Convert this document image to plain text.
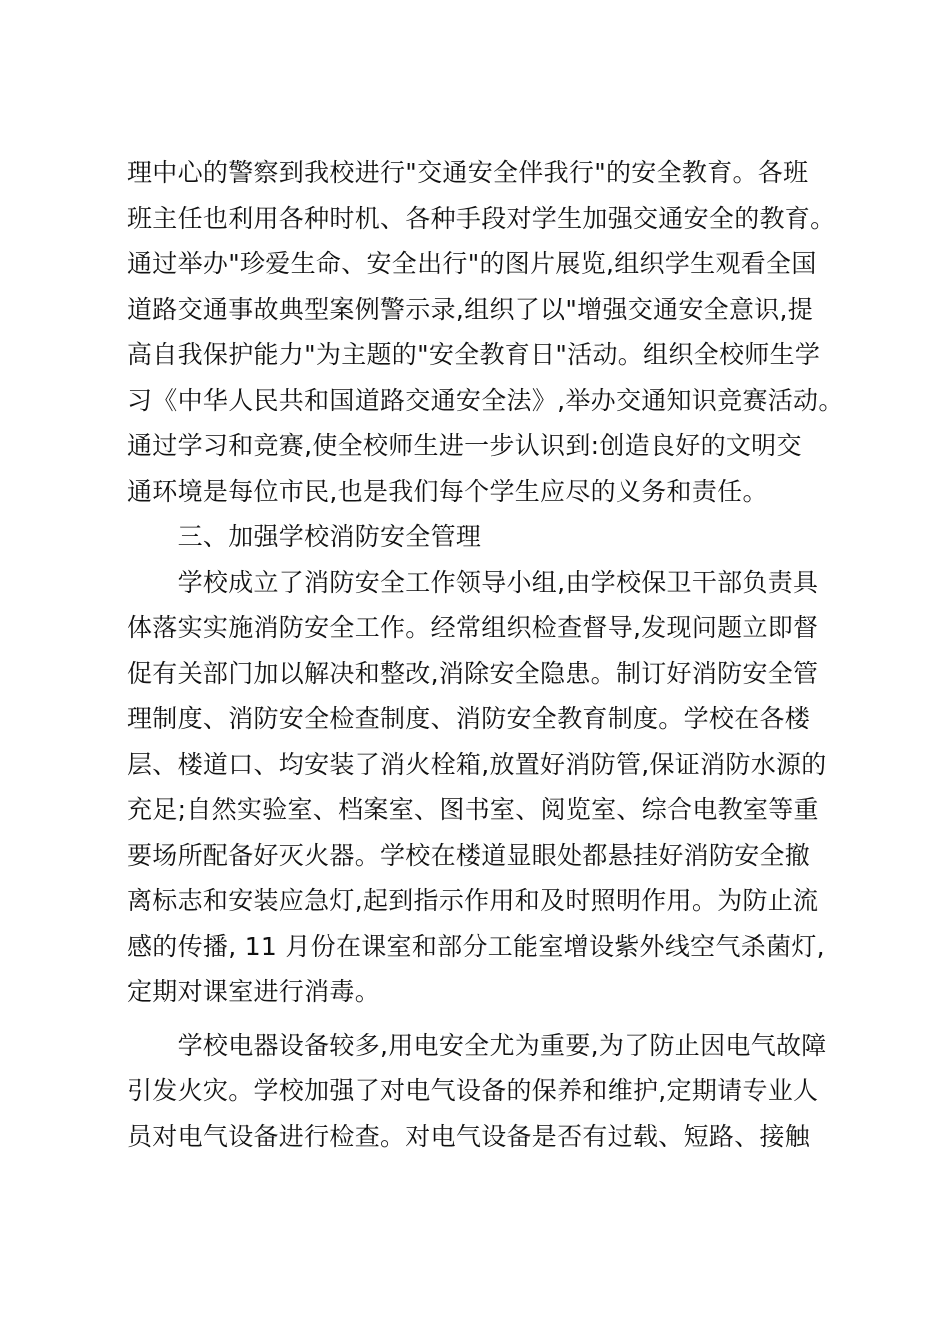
理中心的警察到我校进行"交通安全伴我行"的安全教育。各班
班主任也利用各种时机、各种手段对学生加强交通安全的教育。
通过举办"珍爱生命、安全出行"的图片展览,组织学生观看全国
道路交通事故典型案例警示录,组织了以"增强交通安全意识,提
高自我保护能力"为主题的"安全教育日"活动。组织全校师生学
习《中华人民共和国道路交通安全法》,举办交通知识竞赛活动。
通过学习和竞赛,使全校师生进一步认识到:创造良好的文明交
通环境是每位市民,也是我们每个学生应尽的义务和责任。
　　三、加强学校消防安全管理
　　学校成立了消防安全工作领导小组,由学校保卫干部负责具
体落实实施消防安全工作。经常组织检查督导,发现问题立即督
促有关部门加以解决和整改,消除安全隐患。制订好消防安全管
理制度、消防安全检查制度、消防安全教育制度。学校在各楼
层、楼道口、均安装了消火栓箱,放置好消防管,保证消防水源的
充足;自然实验室、档案室、图书室、阅览室、综合电教室等重
要场所配备好灭火器。学校在楼道显眼处都悬挂好消防安全撤
离标志和安装应急灯,起到指示作用和及时照明作用。为防止流
感的传播, 11 月份在课室和部分工能室增设紫外线空气杀菌灯,
定期对课室进行消毒。
　　学校电器设备较多,用电安全尤为重要,为了防止因电气故障
引发火灾。学校加强了对电气设备的保养和维护,定期请专业人
员对电气设备进行检查。对电气设备是否有过载、短路、接触
